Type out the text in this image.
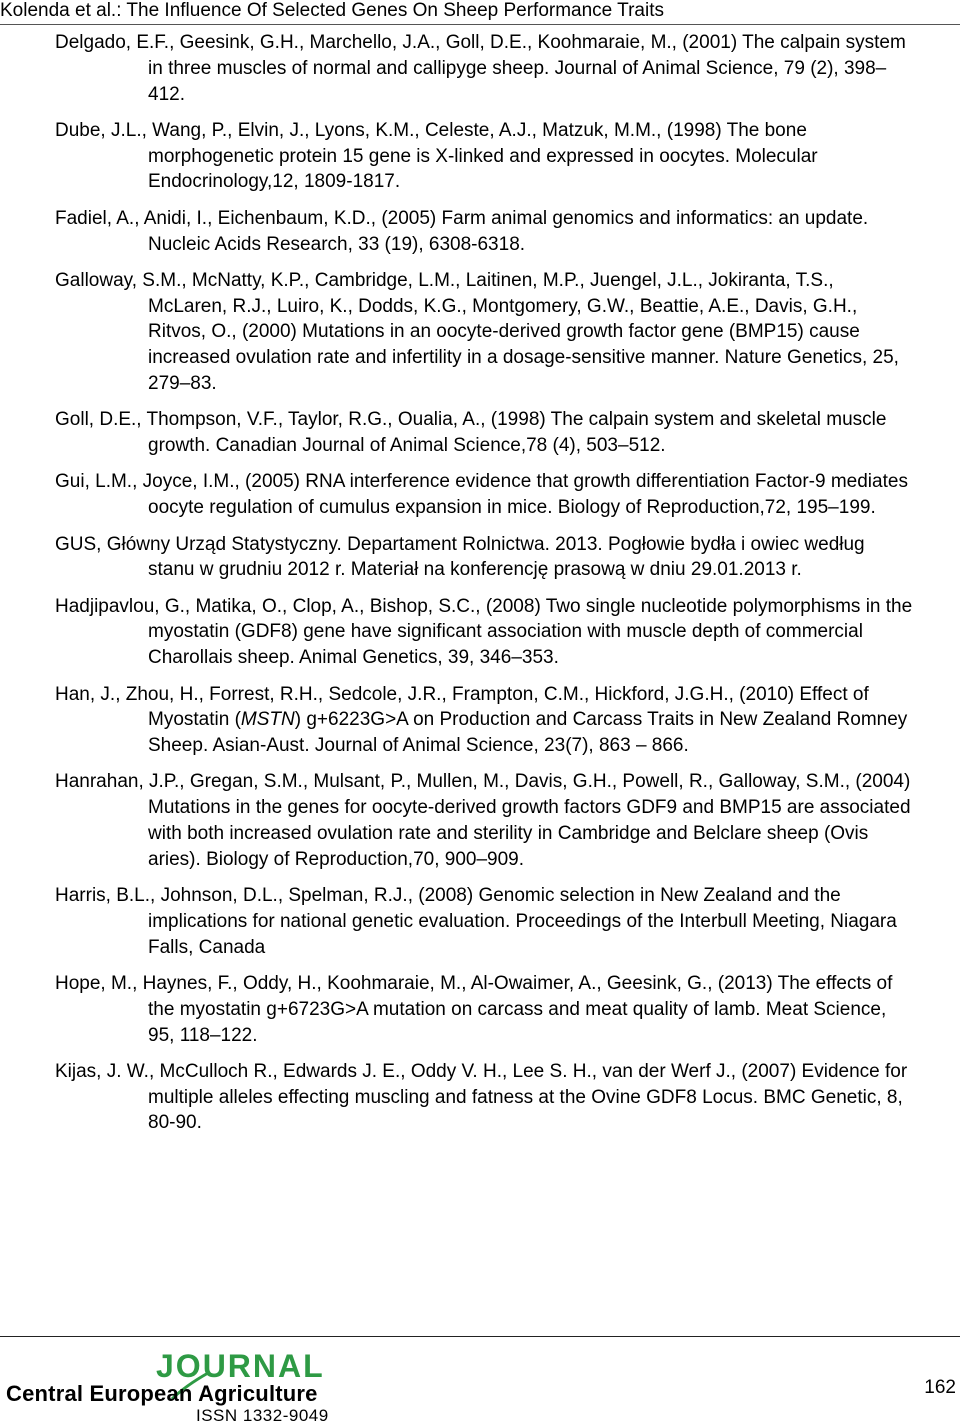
Kolenda et al.: The Influence Of Selected Genes On Sheep Performance Traits

Delgado, E.F., Geesink, G.H., Marchello, J.A., Goll, D.E., Koohmaraie, M., (2001) The calpain system in three muscles of normal and callipyge sheep. Journal of Animal Science, 79 (2), 398–412.

Dube, J.L., Wang, P., Elvin, J., Lyons, K.M., Celeste, A.J., Matzuk, M.M., (1998) The bone morphogenetic protein 15 gene is X-linked and expressed in oocytes. Molecular Endocrinology,12, 1809-1817.

Fadiel, A., Anidi, I., Eichenbaum, K.D., (2005) Farm animal genomics and informatics: an update. Nucleic Acids Research, 33 (19), 6308-6318.

Galloway, S.M., McNatty, K.P., Cambridge, L.M., Laitinen, M.P., Juengel, J.L., Jokiranta, T.S., McLaren, R.J., Luiro, K., Dodds, K.G., Montgomery, G.W., Beattie, A.E., Davis, G.H., Ritvos, O., (2000) Mutations in an oocyte-derived growth factor gene (BMP15) cause increased ovulation rate and infertility in a dosage-sensitive manner. Nature Genetics, 25, 279–83.

Goll, D.E., Thompson, V.F., Taylor, R.G., Oualia, A., (1998) The calpain system and skeletal muscle growth. Canadian Journal of Animal Science,78 (4), 503–512.

Gui, L.M., Joyce, I.M., (2005) RNA interference evidence that growth differentiation Factor-9 mediates oocyte regulation of cumulus expansion in mice. Biology of Reproduction,72, 195–199.

GUS, Główny Urząd Statystyczny. Departament Rolnictwa. 2013. Pogłowie bydła i owiec według stanu w grudniu 2012 r. Materiał na konferencję prasową w dniu 29.01.2013 r.

Hadjipavlou, G., Matika, O., Clop, A., Bishop, S.C., (2008) Two single nucleotide polymorphisms in the myostatin (GDF8) gene have significant association with muscle depth of commercial Charollais sheep. Animal Genetics, 39, 346–353.

Han, J., Zhou, H., Forrest, R.H., Sedcole, J.R., Frampton, C.M., Hickford, J.G.H., (2010) Effect of Myostatin (MSTN) g+6223G>A on Production and Carcass Traits in New Zealand Romney Sheep. Asian-Aust. Journal of Animal Science, 23(7), 863 – 866.

Hanrahan, J.P., Gregan, S.M., Mulsant, P., Mullen, M., Davis, G.H., Powell, R., Galloway, S.M., (2004) Mutations in the genes for oocyte-derived growth factors GDF9 and BMP15 are associated with both increased ovulation rate and sterility in Cambridge and Belclare sheep (Ovis aries). Biology of Reproduction,70, 900–909.

Harris, B.L., Johnson, D.L., Spelman, R.J., (2008) Genomic selection in New Zealand and the implications for national genetic evaluation. Proceedings of the Interbull Meeting, Niagara Falls, Canada

Hope, M., Haynes, F., Oddy, H., Koohmaraie, M., Al-Owaimer, A., Geesink, G., (2013) The effects of the myostatin g+6723G>A mutation on carcass and meat quality of lamb. Meat Science, 95, 118–122.

Kijas, J. W., McCulloch R., Edwards J. E., Oddy V. H., Lee S. H., van der Werf J., (2007) Evidence for multiple alleles effecting muscling and fatness at the Ovine GDF8 Locus. BMC Genetic, 8, 80-90.

JOURNAL
Central European Agriculture
ISSN 1332-9049
162
